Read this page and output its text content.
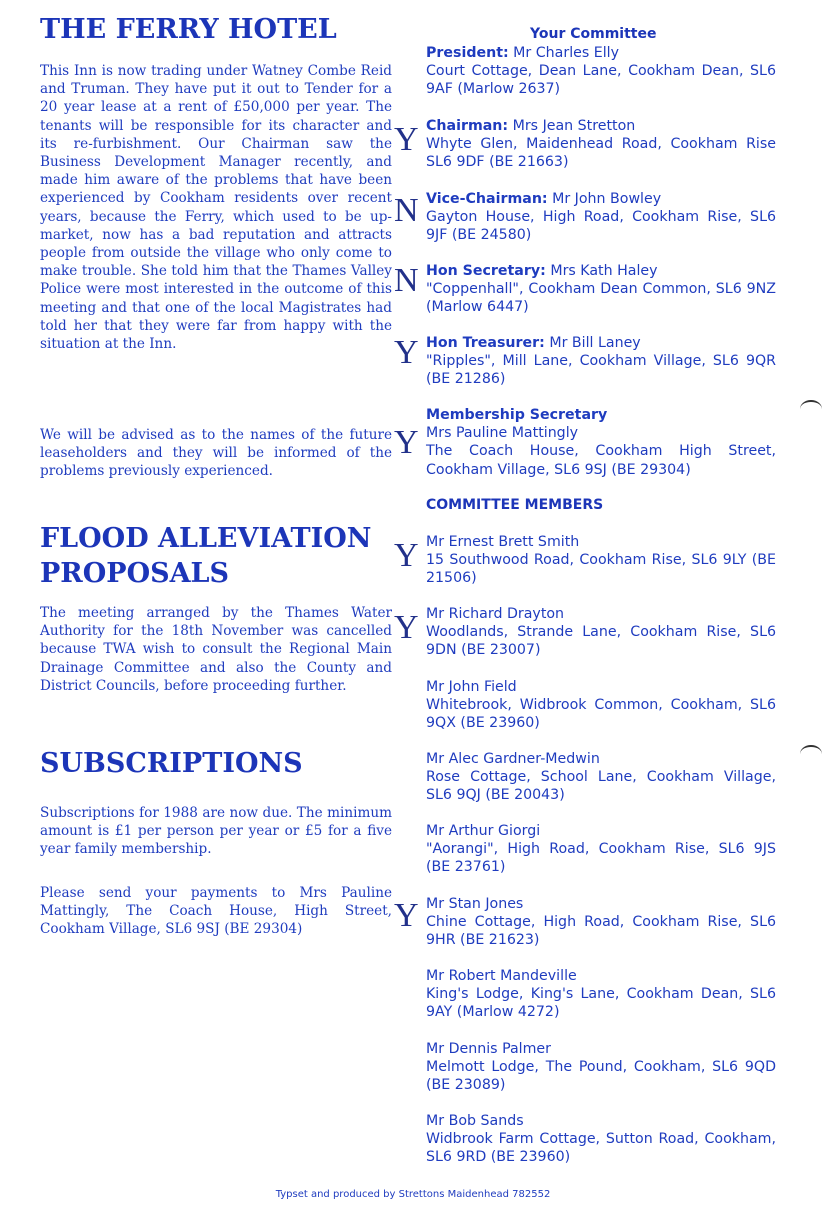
THE FERRY HOTEL

This Inn is now trading under Watney Combe Reid and Truman. They have put it out to Tender for a 20 year lease at a rent of £50,000 per year. The tenants will be responsible for its character and its re-furbishment. Our Chairman saw the Business Development Manager recently, and made him aware of the problems that have been experienced by Cookham residents over recent years, because the Ferry, which used to be up-market, now has a bad reputation and attracts people from outside the village who only come to make trouble. She told him that the Thames Valley Police were most interested in the outcome of this meeting and that one of the local Magistrates had told her that they were far from happy with the situation at the Inn.

We will be advised as to the names of the future leaseholders and they will be informed of the problems previously experienced.

FLOOD ALLEVIATION
PROPOSALS

The meeting arranged by the Thames Water Authority for the 18th November was cancelled because TWA wish to consult the Regional Main Drainage Committee and also the County and District Councils, before proceeding further.

SUBSCRIPTIONS

Subscriptions for 1988 are now due. The minimum amount is £1 per person per year or £5 for a five year family membership.

Please send your payments to Mrs Pauline Mattingly, The Coach House, High Street, Cookham Village, SL6 9SJ (BE 29304)

Your Committee
President: Mr Charles Elly
Court Cottage, Dean Lane, Cookham Dean, SL6 9AF (Marlow 2637)
Y Chairman: Mrs Jean Stretton
Whyte Glen, Maidenhead Road, Cookham Rise SL6 9DF (BE 21663)
N Vice-Chairman: Mr John Bowley
Gayton House, High Road, Cookham Rise, SL6 9JF (BE 24580)
N Hon Secretary: Mrs Kath Haley
"Coppenhall", Cookham Dean Common, SL6 9NZ (Marlow 6447)
Y Hon Treasurer: Mr Bill Laney
"Ripples", Mill Lane, Cookham Village, SL6 9QR (BE 21286)
Y
Membership Secretary
Mrs Pauline Mattingly
The Coach House, Cookham High Street, Cookham Village, SL6 9SJ (BE 29304)
COMMITTEE MEMBERS
Y Mr Ernest Brett Smith
15 Southwood Road, Cookham Rise, SL6 9LY (BE 21506)
Y Mr Richard Drayton
Woodlands, Strande Lane, Cookham Rise, SL6 9DN (BE 23007)
Mr John Field
Whitebrook, Widbrook Common, Cookham, SL6 9QX (BE 23960)
Mr Alec Gardner-Medwin
Rose Cottage, School Lane, Cookham Village, SL6 9QJ (BE 20043)
Mr Arthur Giorgi
"Aorangi", High Road, Cookham Rise, SL6 9JS (BE 23761)
Y Mr Stan Jones
Chine Cottage, High Road, Cookham Rise, SL6 9HR (BE 21623)
Mr Robert Mandeville
King's Lodge, King's Lane, Cookham Dean, SL6 9AY (Marlow 4272)
Mr Dennis Palmer
Melmott Lodge, The Pound, Cookham, SL6 9QD (BE 23089)
Mr Bob Sands
Widbrook Farm Cottage, Sutton Road, Cookham, SL6 9RD (BE 23960)
Typset and produced by Strettons Maidenhead 782552
